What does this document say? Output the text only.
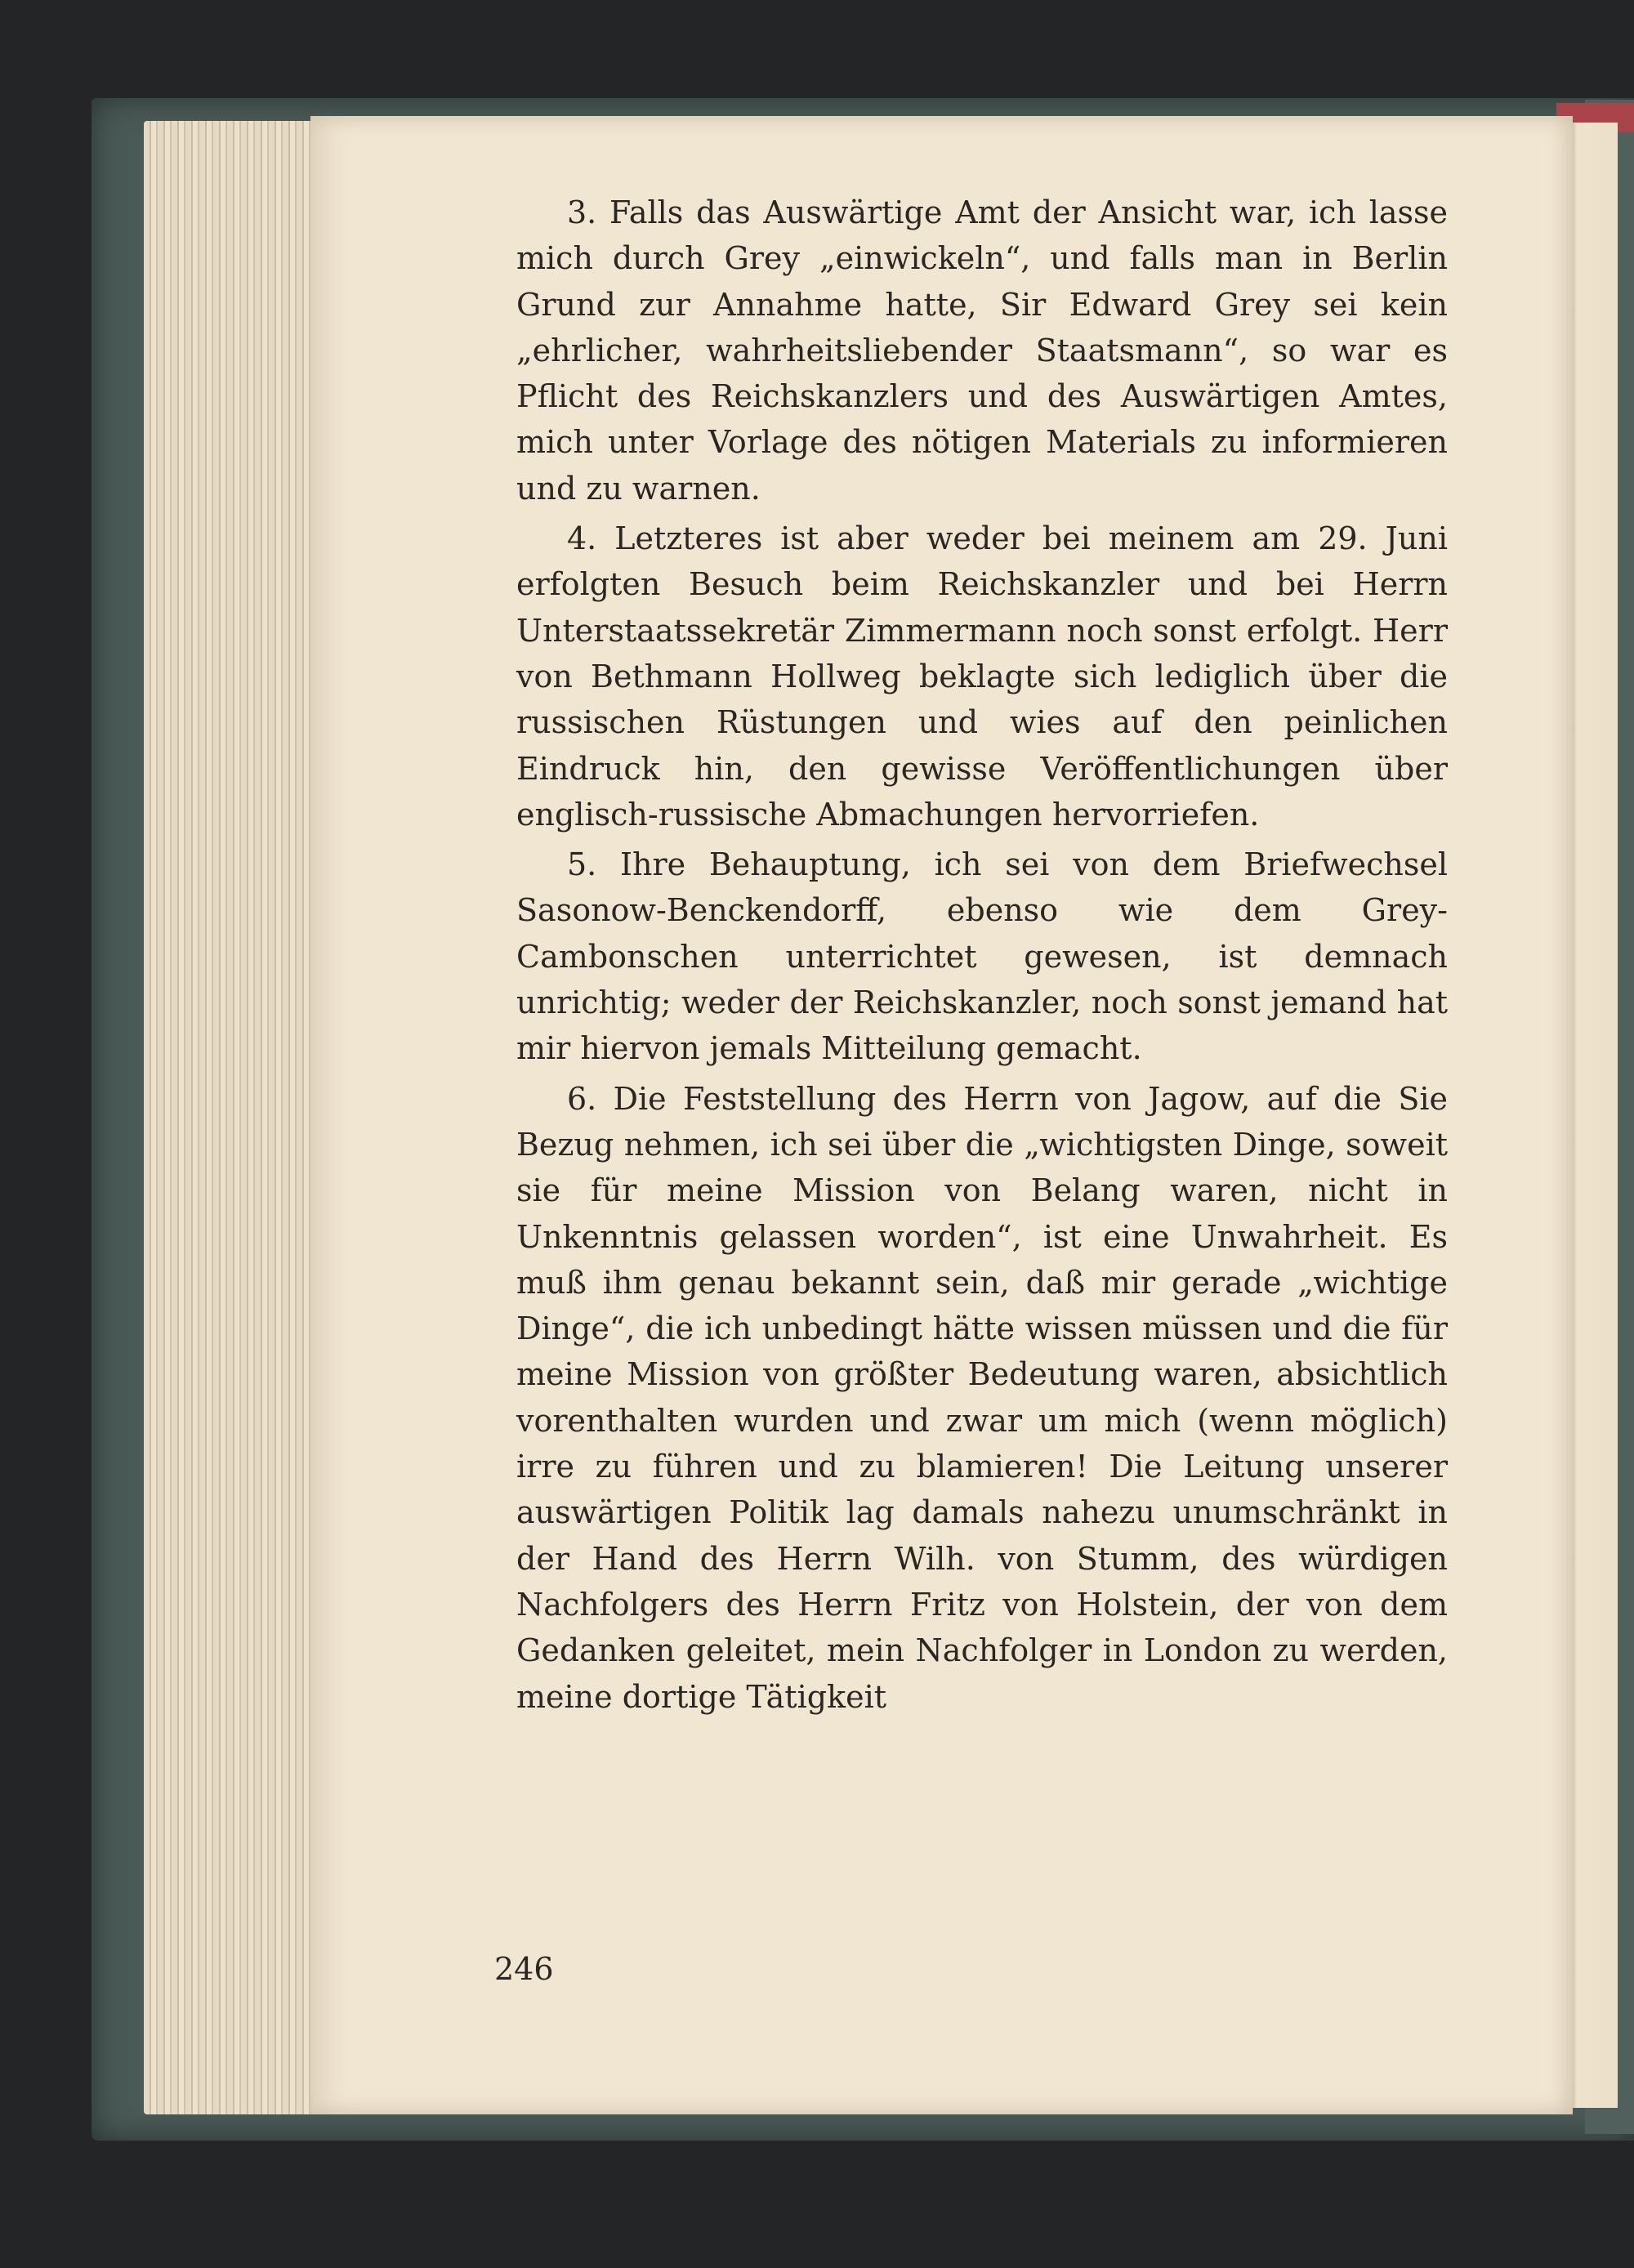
3. Falls das Auswärtige Amt der Ansicht war, ich lasse mich durch Grey „einwickeln“, und falls man in Berlin Grund zur Annahme hatte, Sir Edward Grey sei kein „ehrlicher, wahrheitsliebender Staatsmann“, so war es Pflicht des Reichskanzlers und des Auswärtigen Amtes, mich unter Vorlage des nötigen Materials zu informieren und zu warnen.

4. Letzteres ist aber weder bei meinem am 29. Juni erfolgten Besuch beim Reichskanzler und bei Herrn Unterstaatssekretär Zimmermann noch sonst erfolgt. Herr von Bethmann Hollweg beklagte sich lediglich über die russischen Rüstungen und wies auf den peinlichen Eindruck hin, den gewisse Veröffentlichungen über englisch-russische Abmachungen hervorriefen.

5. Ihre Behauptung, ich sei von dem Briefwechsel Sasonow-Benckendorff, ebenso wie dem Grey-Cambonschen unterrichtet gewesen, ist demnach unrichtig; weder der Reichskanzler, noch sonst jemand hat mir hiervon jemals Mitteilung gemacht.

6. Die Feststellung des Herrn von Jagow, auf die Sie Bezug nehmen, ich sei über die „wichtigsten Dinge, soweit sie für meine Mission von Belang waren, nicht in Unkenntnis gelassen worden“, ist eine Unwahrheit. Es muß ihm genau bekannt sein, daß mir gerade „wichtige Dinge“, die ich unbedingt hätte wissen müssen und die für meine Mission von größter Bedeutung waren, absichtlich vorenthalten wurden und zwar um mich (wenn möglich) irre zu führen und zu blamieren! Die Leitung unserer auswärtigen Politik lag damals nahezu unumschränkt in der Hand des Herrn Wilh. von Stumm, des würdigen Nachfolgers des Herrn Fritz von Holstein, der von dem Gedanken geleitet, mein Nachfolger in London zu werden, meine dortige Tätigkeit

246
